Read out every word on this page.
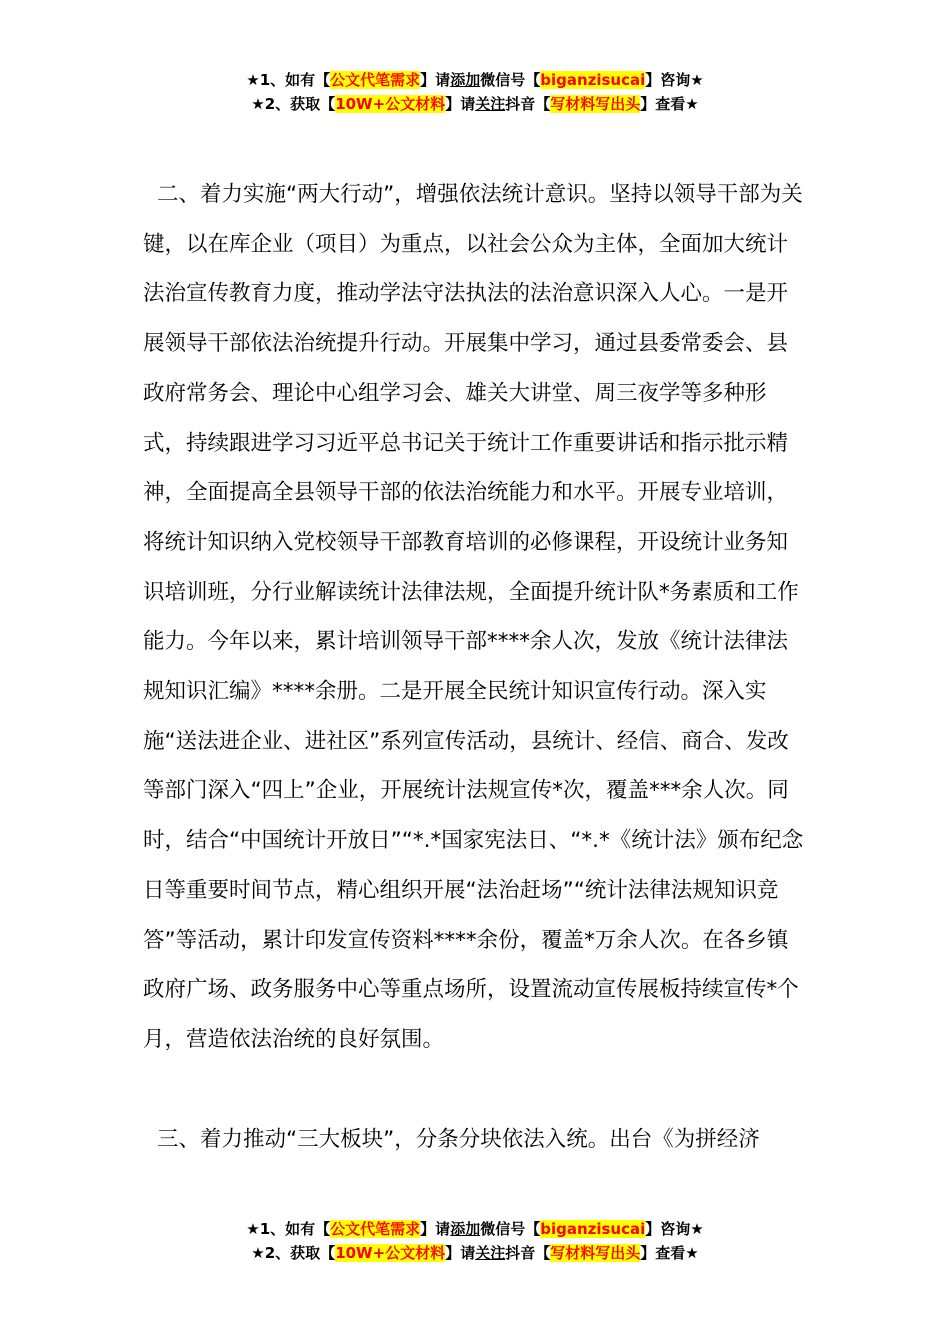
★1、如有【公文代笔需求】请添加微信号【biganzisucai】咨询★
★2、获取【10W+公文材料】请关注抖音【写材料写出头】查看★

二、着力实施“两大行动”，增强依法统计意识。坚持以领导干部为关键，以在库企业（项目）为重点，以社会公众为主体，全面加大统计法治宣传教育力度，推动学法守法执法的法治意识深入人心。一是开展领导干部依法治统提升行动。开展集中学习，通过县委常委会、县政府常务会、理论中心组学习会、雄关大讲堂、周三夜学等多种形式，持续跟进学习习近平总书记关于统计工作重要讲话和指示批示精神，全面提高全县领导干部的依法治统能力和水平。开展专业培训，将统计知识纳入党校领导干部教育培训的必修课程，开设统计业务知识培训班，分行业解读统计法律法规，全面提升统计队*务素质和工作能力。今年以来，累计培训领导干部****余人次，发放《统计法律法规知识汇编》****余册。二是开展全民统计知识宣传行动。深入实施“送法进企业、进社区”系列宣传活动，县统计、经信、商合、发改等部门深入“四上”企业，开展统计法规宣传*次，覆盖***余人次。同时，结合“中国统计开放日”“*.*国家宪法日、“*.*《统计法》颁布纪念日等重要时间节点，精心组织开展“法治赶场”“统计法律法规知识竞答”等活动，累计印发宣传资料****余份，覆盖*万余人次。在各乡镇政府广场、政务服务中心等重点场所，设置流动宣传展板持续宣传*个月，营造依法治统的良好氛围。

三、着力推动“三大板块”，分条分块依法入统。出台《为拼经济

★1、如有【公文代笔需求】请添加微信号【biganzisucai】咨询★
★2、获取【10W+公文材料】请关注抖音【写材料写出头】查看★
